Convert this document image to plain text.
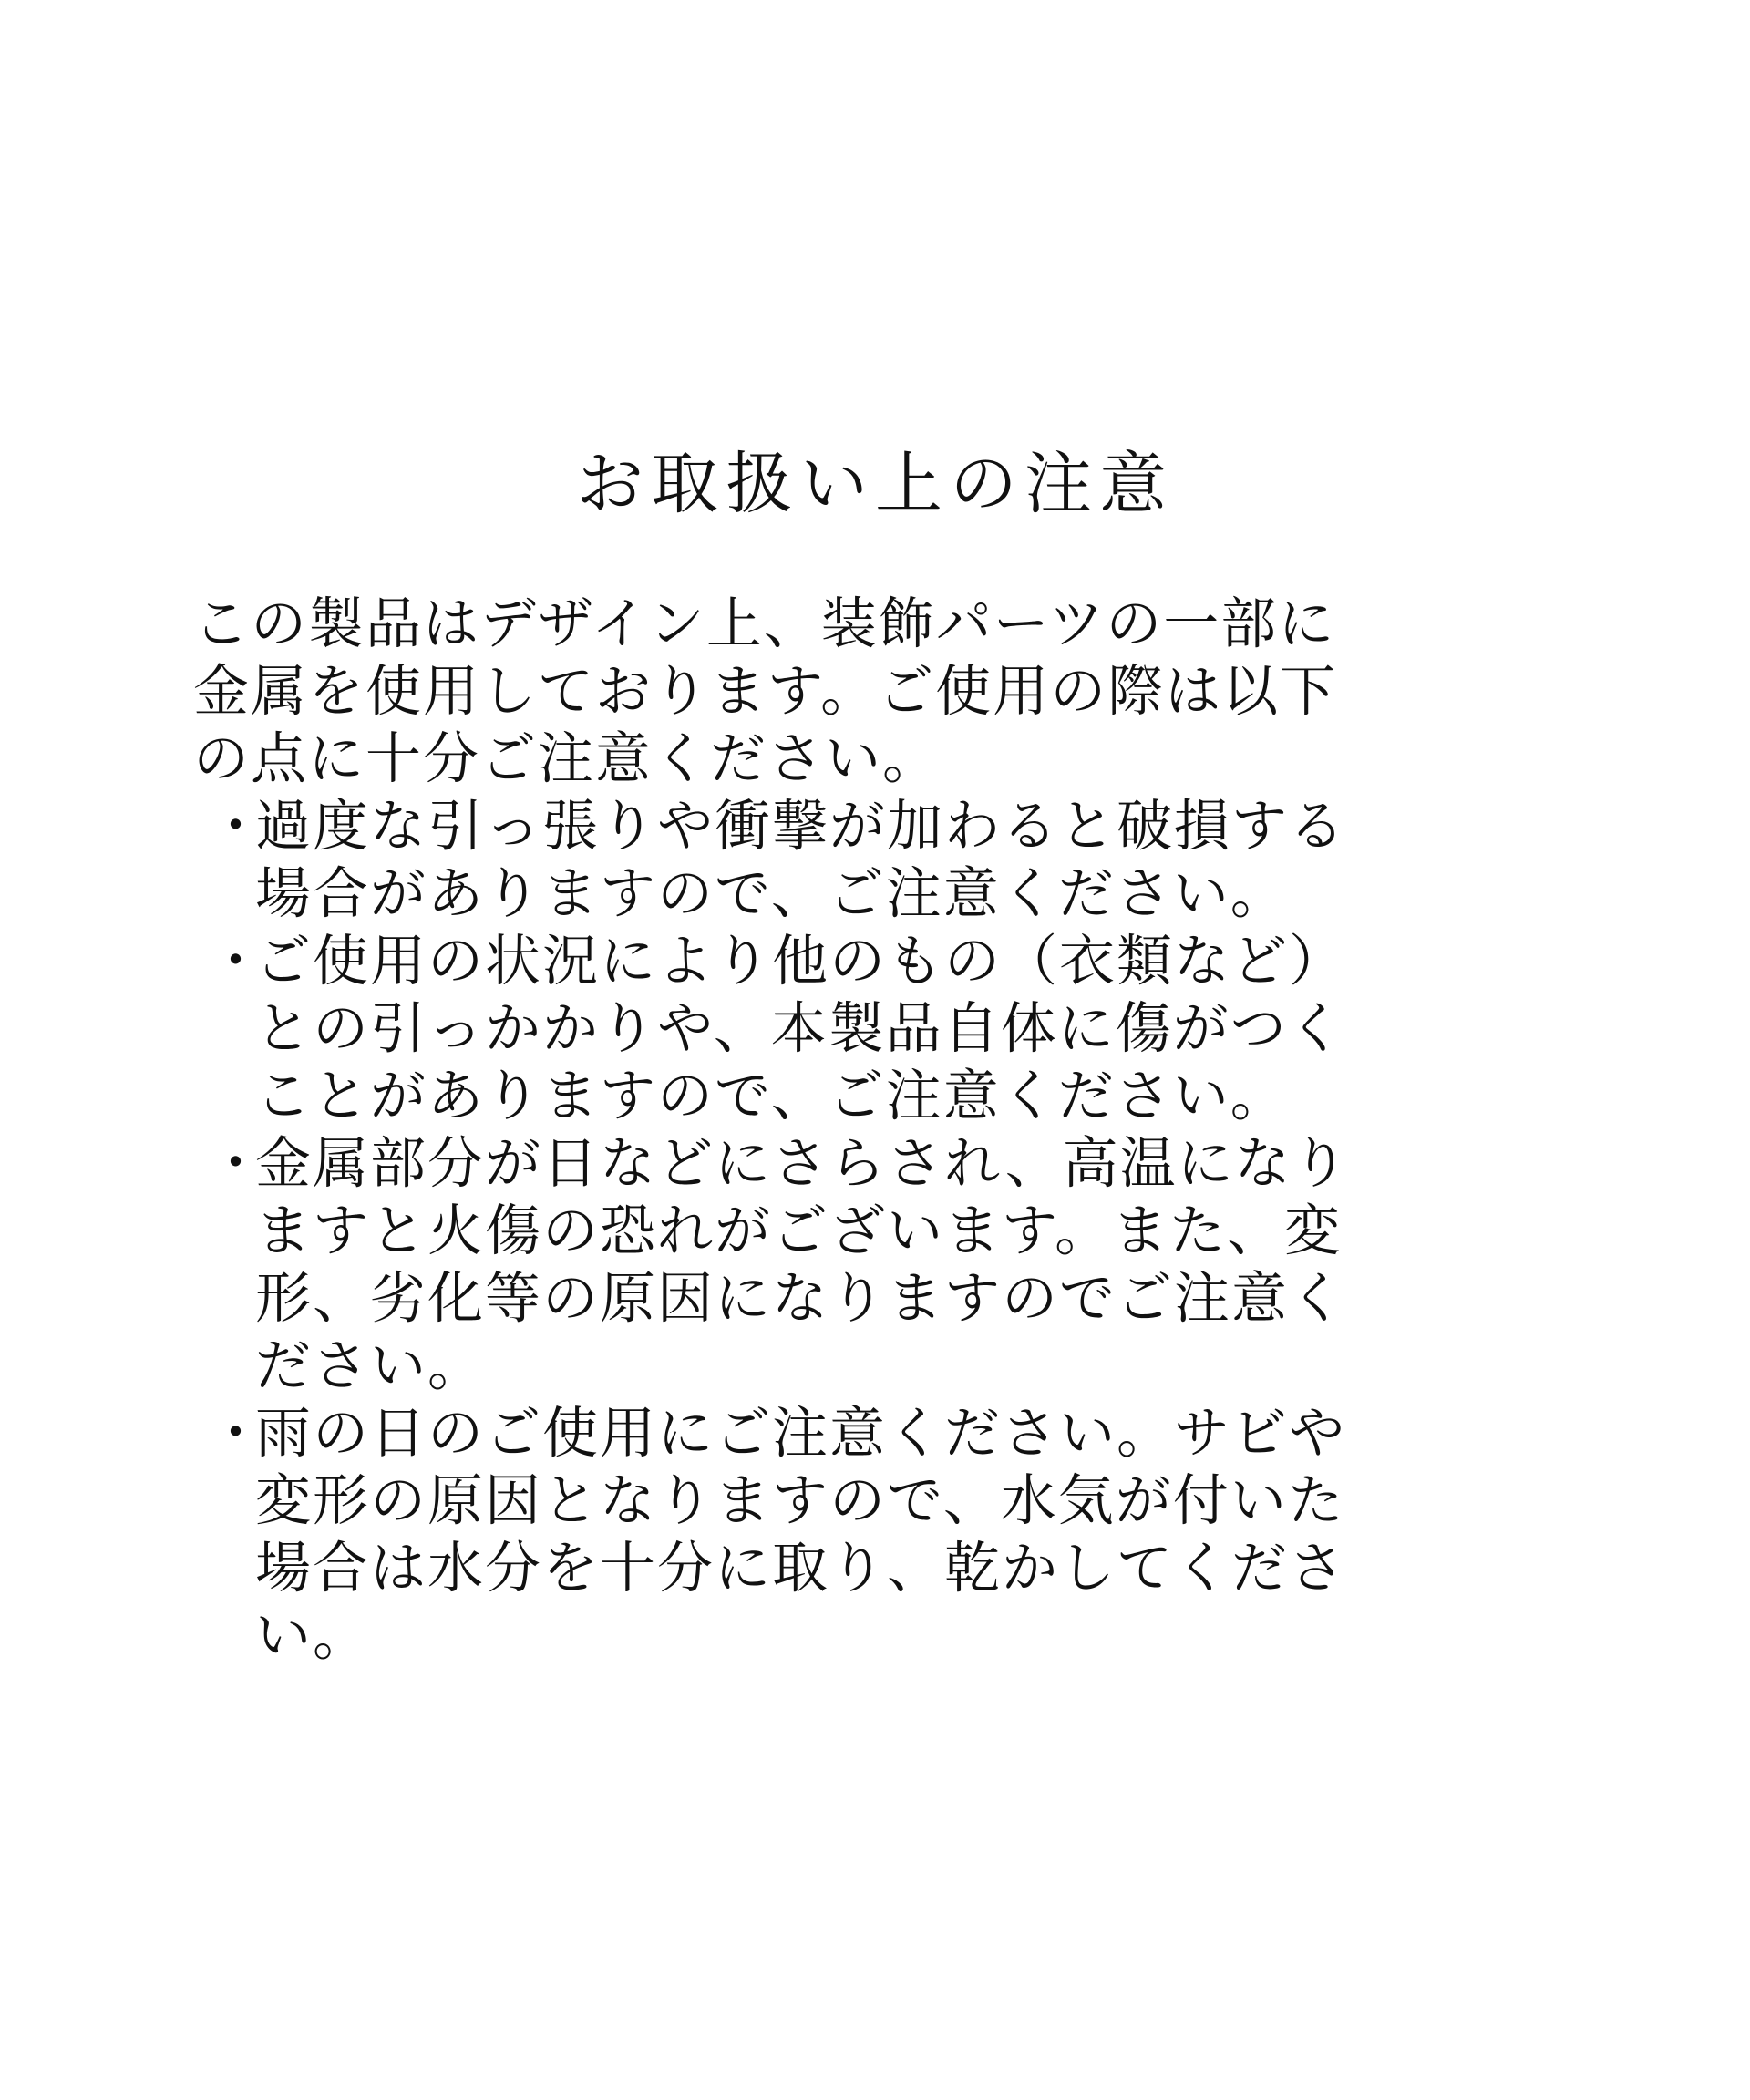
お取扱い上の注意
この製品はデザイン上、装飾パーツの一部に
金属を使用しております。ご使用の際は以下
の点に十分ご注意ください。
・
過度な引っ張りや衝撃が加わると破損する
場合がありますので、ご注意ください。
・
ご使用の状況により他のもの（衣類など）
との引っかかりや、本製品自体に傷がつく
ことがありますので、ご注意ください。
・
金属部分が日などにさらされ、高温になり
ますと火傷の恐れがございます。また、変
形、劣化等の原因になりますのでご注意く
ださい。
・
雨の日のご使用にご注意ください。サビや
変形の原因となりますので、水気が付いた
場合は水分を十分に取り、乾かしてくださ
い。
